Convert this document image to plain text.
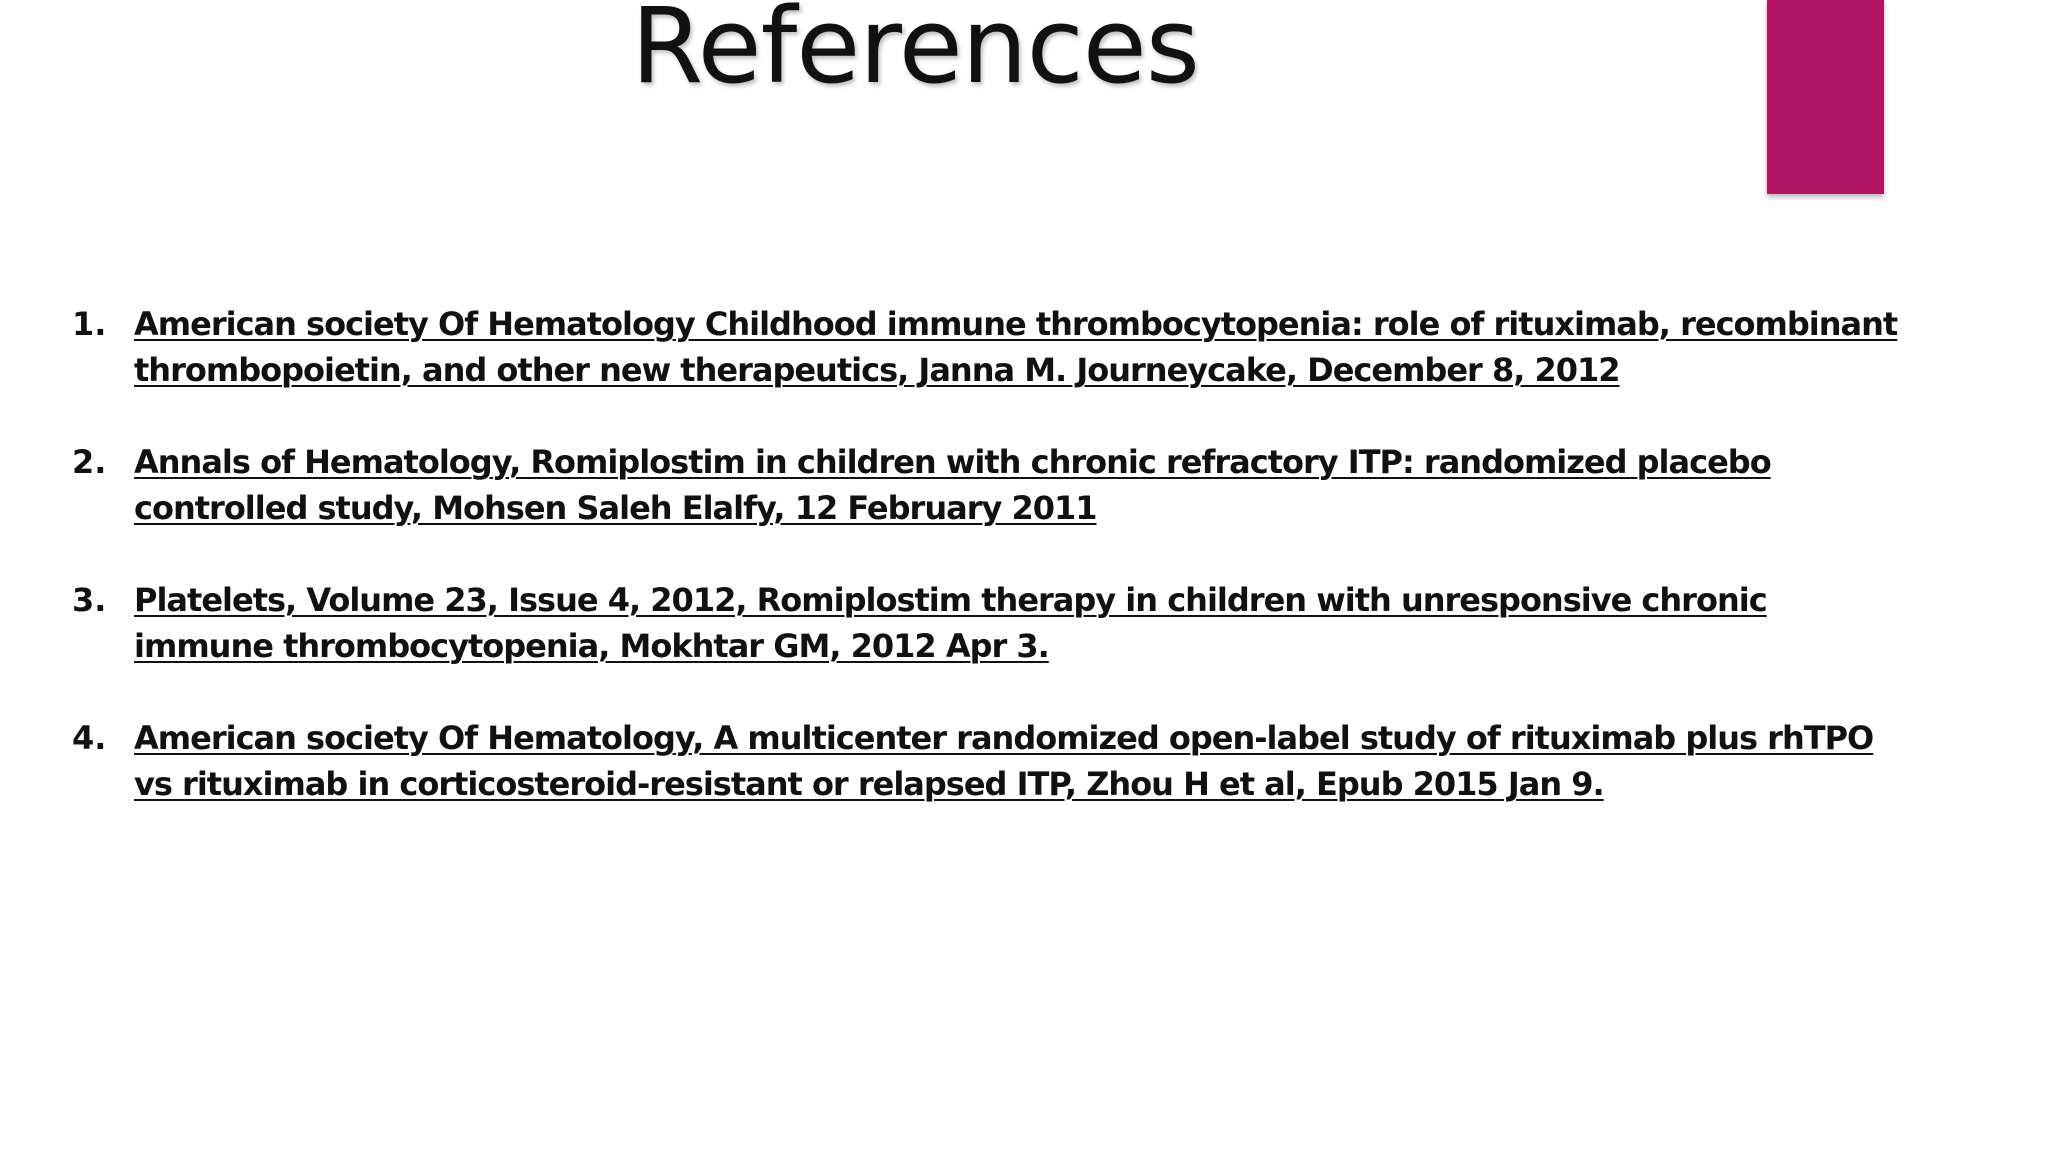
References
1. American society Of Hematology Childhood immune thrombocytopenia: role of rituximab, recombinant thrombopoietin, and other new therapeutics, Janna M. Journeycake, December 8, 2012
2. Annals of Hematology, Romiplostim in children with chronic refractory ITP: randomized placebo controlled study, Mohsen Saleh Elalfy, 12 February 2011
3. Platelets, Volume 23, Issue 4, 2012, Romiplostim therapy in children with unresponsive chronic immune thrombocytopenia, Mokhtar GM, 2012 Apr 3.
4. American society Of Hematology, A multicenter randomized open-label study of rituximab plus rhTPO vs rituximab in corticosteroid-resistant or relapsed ITP, Zhou H et al, Epub 2015 Jan 9.
